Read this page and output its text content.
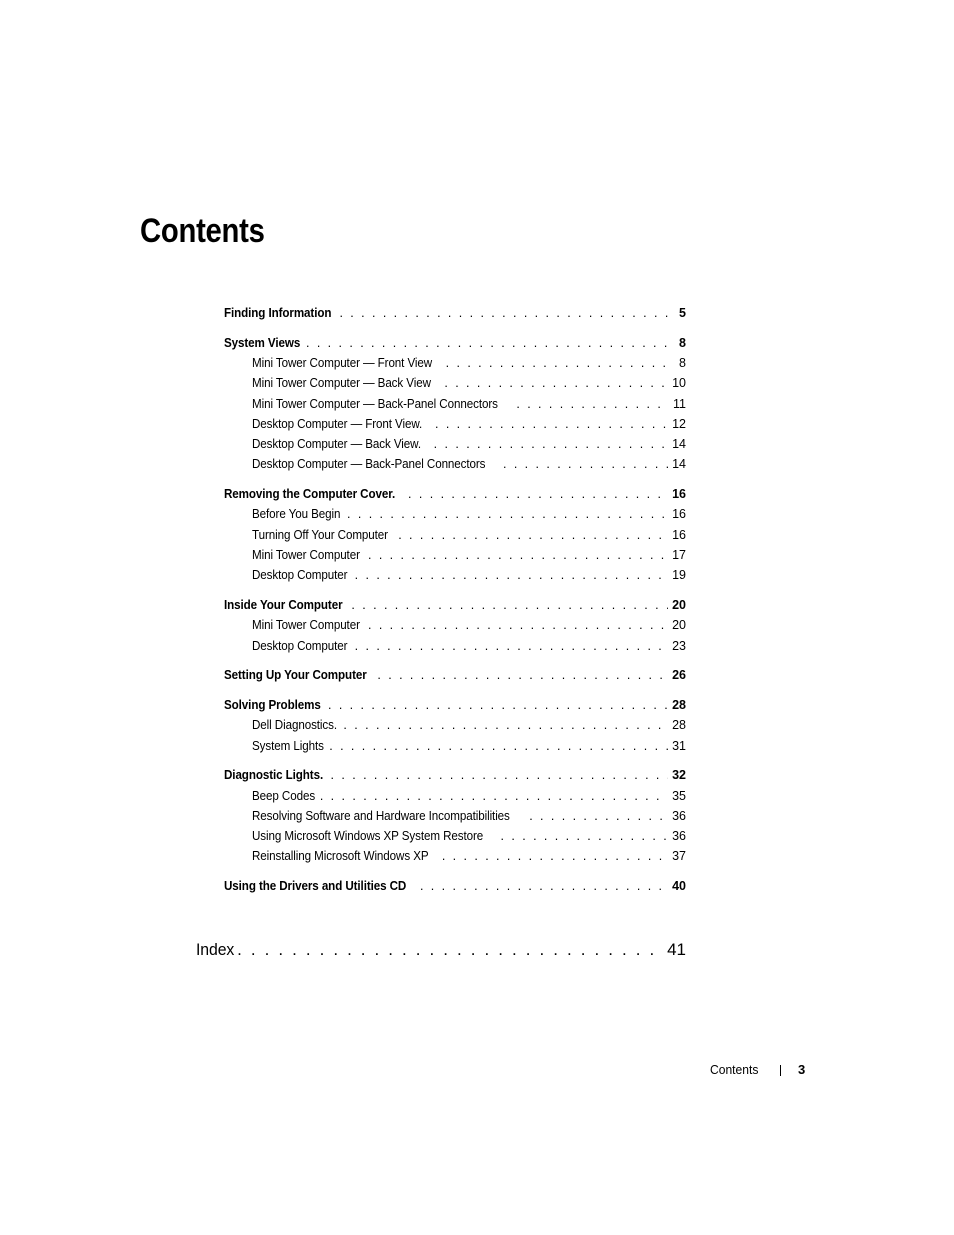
Contents
Finding Information . . .	5
System Views . . .	8
Mini Tower Computer — Front View . . .	8
Mini Tower Computer — Back View . . .	10
Mini Tower Computer — Back-Panel Connectors . . .	11
Desktop Computer — Front View. . . .	12
Desktop Computer — Back View. . . .	14
Desktop Computer — Back-Panel Connectors . . .	14
Removing the Computer Cover. . . .	16
Before You Begin . . .	16
Turning Off Your Computer . . .	16
Mini Tower Computer . . .	17
Desktop Computer . . .	19
Inside Your Computer . . .	20
Mini Tower Computer . . .	20
Desktop Computer . . .	23
Setting Up Your Computer . . .	26
Solving Problems . . .	28
Dell Diagnostics. . . .	28
System Lights . . .	31
Diagnostic Lights. . . .	32
Beep Codes . . .	35
Resolving Software and Hardware Incompatibilities . . .	36
Using Microsoft Windows XP System Restore . . .	36
Reinstalling Microsoft Windows XP . . .	37
Using the Drivers and Utilities CD . . .	40
Index . . .	41
Contents	3
